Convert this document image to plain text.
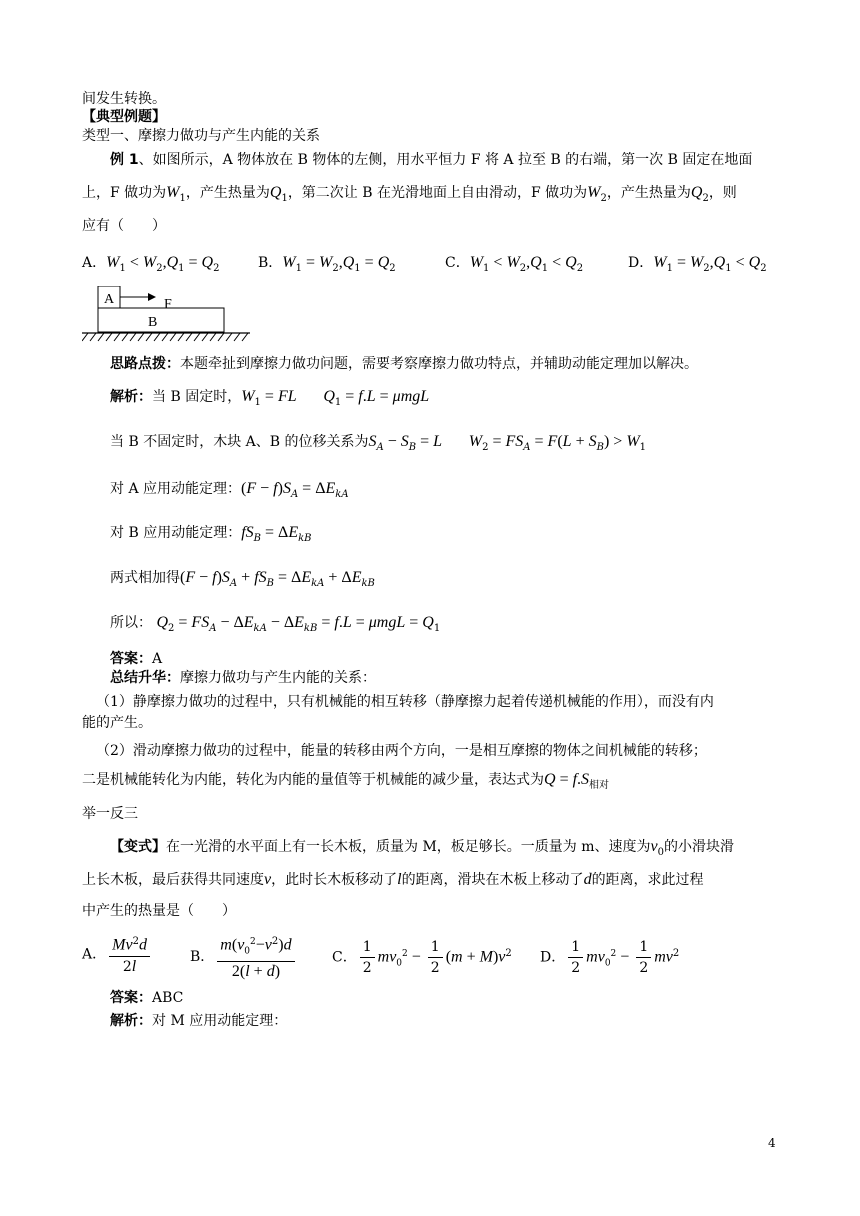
间发生转换。
【典型例题】
类型一、摩擦力做功与产生内能的关系
例 1、如图所示，A 物体放在 B 物体的左侧，用水平恒力 F 将 A 拉至 B 的右端，第一次 B 固定在地面
上，F 做功为$W_1$，产生热量为$Q_1$，第二次让 B 在光滑地面上自由滑动，F 做功为$W_2$，产生热量为$Q_2$，则
应有（　　）
A．$W_1 < W_2,Q_1 = Q_2$	B．$W_1 = W_2,Q_1 = Q_2$	C．$W_1 < W_2,Q_1 < Q_2$	D．$W_1 = W_2,Q_1 < Q_2$
A	F
B
思路点拨：本题牵扯到摩擦力做功问题，需要考察摩擦力做功特点，并辅助动能定理加以解决。
解析：当 B 固定时，$W_1$ = FL $Q_1 = f.L = \mu mgL$
当 B 不固定时，木块 A、B 的位移关系为$S_A - S_B = L$ $W_2 = FS_A = F(L + S_B) > W_1$
对 A 应用动能定理：$(F - f)S_A = \Delta E_{kA}$
对 B 应用动能定理：$fS_B = \Delta E_{kB}$
两式相加得$(F - f)S_A + fS_B = \Delta E_{kA} + \Delta E_{kB}$
所以： $Q_2 = FS_A - \Delta E_{kA} - \Delta E_{kB} = f.L = \mu mgL = Q_1$
答案：A
总结升华：摩擦力做功与产生内能的关系：
（1）静摩擦力做功的过程中，只有机械能的相互转移（静摩擦力起着传递机械能的作用），而没有内
能的产生。
（2）滑动摩擦力做功的过程中，能量的转移由两个方向，一是相互摩擦的物体之间机械能的转移；
二是机械能转化为内能，转化为内能的量值等于机械能的减少量，表达式为$Q = f.S_{相对}$
举一反三
【变式】在一光滑的水平面上有一长木板，质量为 M，板足够长。一质量为 m、速度为$v_0$的小滑块滑
上长木板，最后获得共同速度v，此时长木板移动了l的距离，滑块在木板上移动了d的距离，求此过程
中产生的热量是（　　）
A． $\frac{Mv^2d}{2l}$	B． $\frac{m(v_0^2-v^2)d}{2(l + d)}$	C． $\frac{1}{2} mv_0^2 - \frac{1}{2} (m + M)v^2$ D． $\frac{1}{2} mv_0^2 - \frac{1}{2} mv^2$
答案：ABC
解析：对 M 应用动能定理：
4
